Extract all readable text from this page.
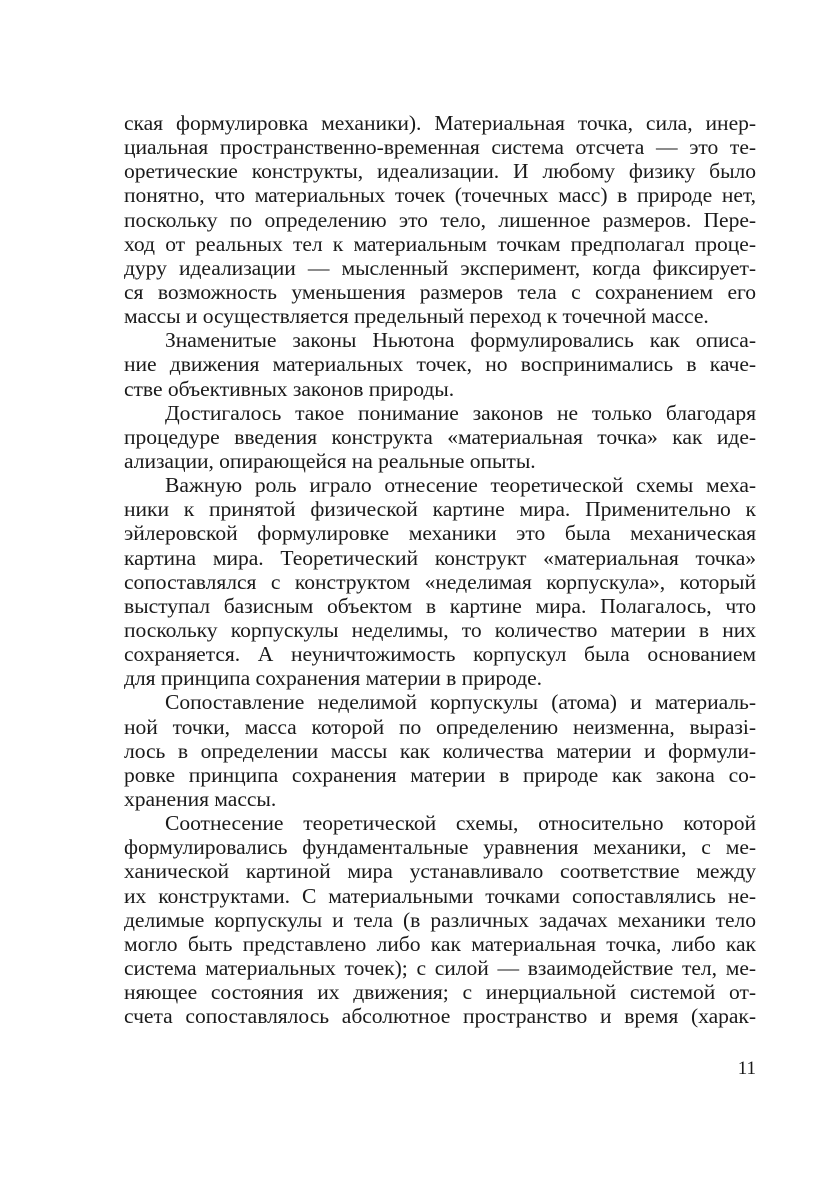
ская формулировка механики). Материальная точка, сила, инер-
циальная пространственно-временная система отсчета — это те-
оретические конструкты, идеализации. И любому физику было
понятно, что материальных точек (точечных масс) в природе нет,
поскольку по определению это тело, лишенное размеров. Пере-
ход от реальных тел к материальным точкам предполагал проце-
дуру идеализации — мысленный эксперимент, когда фиксирует-
ся возможность уменьшения размеров тела с сохранением его
массы и осуществляется предельный переход к точечной массе.
Знаменитые законы Ньютона формулировались как описа-
ние движения материальных точек, но воспринимались в каче-
стве объективных законов природы.
Достигалось такое понимание законов не только благодаря
процедуре введения конструкта «материальная точка» как иде-
ализации, опирающейся на реальные опыты.
Важную роль играло отнесение теоретической схемы меха-
ники к принятой физической картине мира. Применительно к
эйлеровской формулировке механики это была механическая
картина мира. Теоретический конструкт «материальная точка»
сопоставлялся с конструктом «неделимая корпускула», который
выступал базисным объектом в картине мира. Полагалось, что
поскольку корпускулы неделимы, то количество материи в них
сохраняется. А неуничтожимость корпускул была основанием
для принципа сохранения материи в природе.
Сопоставление неделимой корпускулы (атома) и материаль-
ной точки, масса которой по определению неизменна, выразі-
лось в определении массы как количества материи и формули-
ровке принципа сохранения материи в природе как закона со-
хранения массы.
Соотнесение теоретической схемы, относительно которой
формулировались фундаментальные уравнения механики, с ме-
ханической картиной мира устанавливало соответствие между
их конструктами. С материальными точками сопоставлялись не-
делимые корпускулы и тела (в различных задачах механики тело
могло быть представлено либо как материальная точка, либо как
система материальных точек); с силой — взаимодействие тел, ме-
няющее состояния их движения; с инерциальной системой от-
счета сопоставлялось абсолютное пространство и время (харак-
11
